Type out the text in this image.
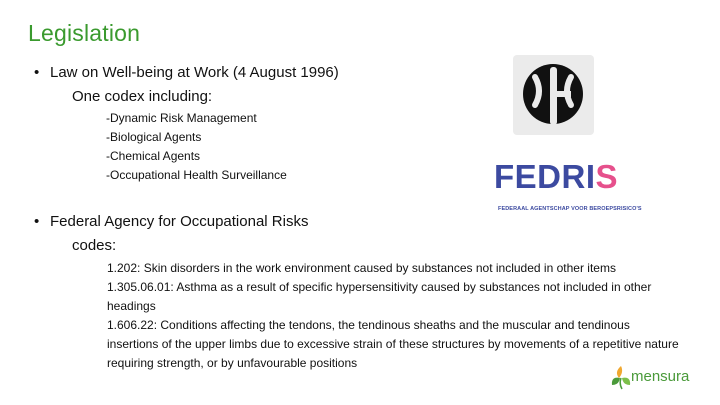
Legislation
• Law on Well-being at Work (4 August 1996)
One codex including:
-Dynamic Risk Management
-Biological Agents
-Chemical Agents
-Occupational Health Surveillance
• Federal Agency for Occupational Risks
codes:

1.202: Skin disorders in the work environment caused by substances not included in other items

1.305.06.01: Asthma as a result of specific hypersensitivity caused by substances not included in other headings

1.606.22: Conditions affecting the tendons, the tendinous sheaths and the muscular and tendinous insertions of the upper limbs due to excessive strain of these structures by movements of a repetitive nature requiring strength, or by unfavourable positions

FEDRIS
FEDERAAL AGENTSCHAP VOOR BEROEPSRISICO'S
mensura
